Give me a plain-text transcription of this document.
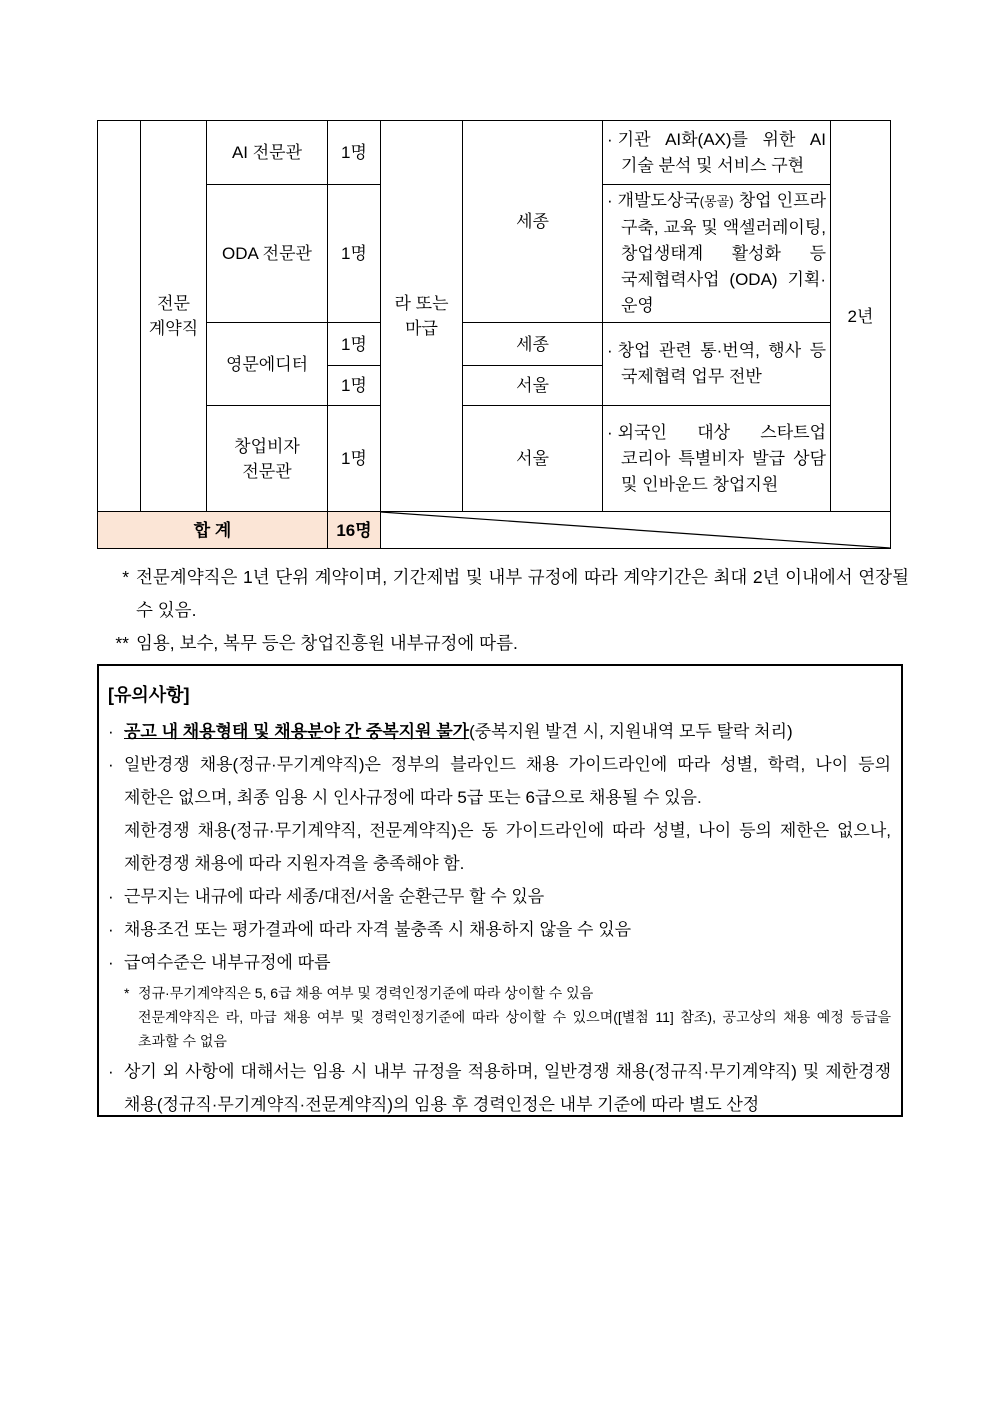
	전문 계약직	AI 전문관	1명	라 또는 마급	세종	· 기관 AI화(AX)를 위한 AI 기술 분석 및 서비스 구현	2년
		ODA 전문관	1명			· 개발도상국(몽골) 창업 인프라 구축, 교육 및 액셀러레이팅, 창업생태계 활성화 등 국제협력사업 (ODA) 기획·운영	

		영문에디터	1명		세종	· 창업 관련 통·번역, 행사 등 국제협력 업무 전반	

			1명		서울		
		창업비자 전문관	1명		서울	· 외국인 대상 스타트업 코리아 특별비자 발급 상담 및 인바운드 창업지원	

합 계			16명	
* 전문계약직은 1년 단위 계약이며, 기간제법 및 내부 규정에 따라 계약기간은 최대 2년 이내에서 연장될 수 있음.
** 임용, 보수, 복무 등은 창업진흥원 내부규정에 따름.
[유의사항]
· 공고 내 채용형태 및 채용분야 간 중복지원 불가(중복지원 발견 시, 지원내역 모두 탈락 처리)
· 일반경쟁 채용(정규·무기계약직)은 정부의 블라인드 채용 가이드라인에 따라 성별, 학력, 나이 등의 제한은 없으며, 최종 임용 시 인사규정에 따라 5급 또는 6급으로 채용될 수 있음.
제한경쟁 채용(정규·무기계약직, 전문계약직)은 동 가이드라인에 따라 성별, 나이 등의 제한은 없으나, 제한경쟁 채용에 따라 지원자격을 충족해야 함.
· 근무지는 내규에 따라 세종/대전/서울 순환근무 할 수 있음
· 채용조건 또는 평가결과에 따라 자격 불충족 시 채용하지 않을 수 있음
· 급여수준은 내부규정에 따름
* 정규·무기계약직은 5, 6급 채용 여부 및 경력인정기준에 따라 상이할 수 있음
전문계약직은 라, 마급 채용 여부 및 경력인정기준에 따라 상이할 수 있으며([별첨 11] 참조), 공고상의 채용 예정 등급을 초과할 수 없음
· 상기 외 사항에 대해서는 임용 시 내부 규정을 적용하며, 일반경쟁 채용(정규직·무기계약직) 및 제한경쟁 채용(정규직·무기계약직·전문계약직)의 임용 후 경력인정은 내부 기준에 따라 별도 산정
